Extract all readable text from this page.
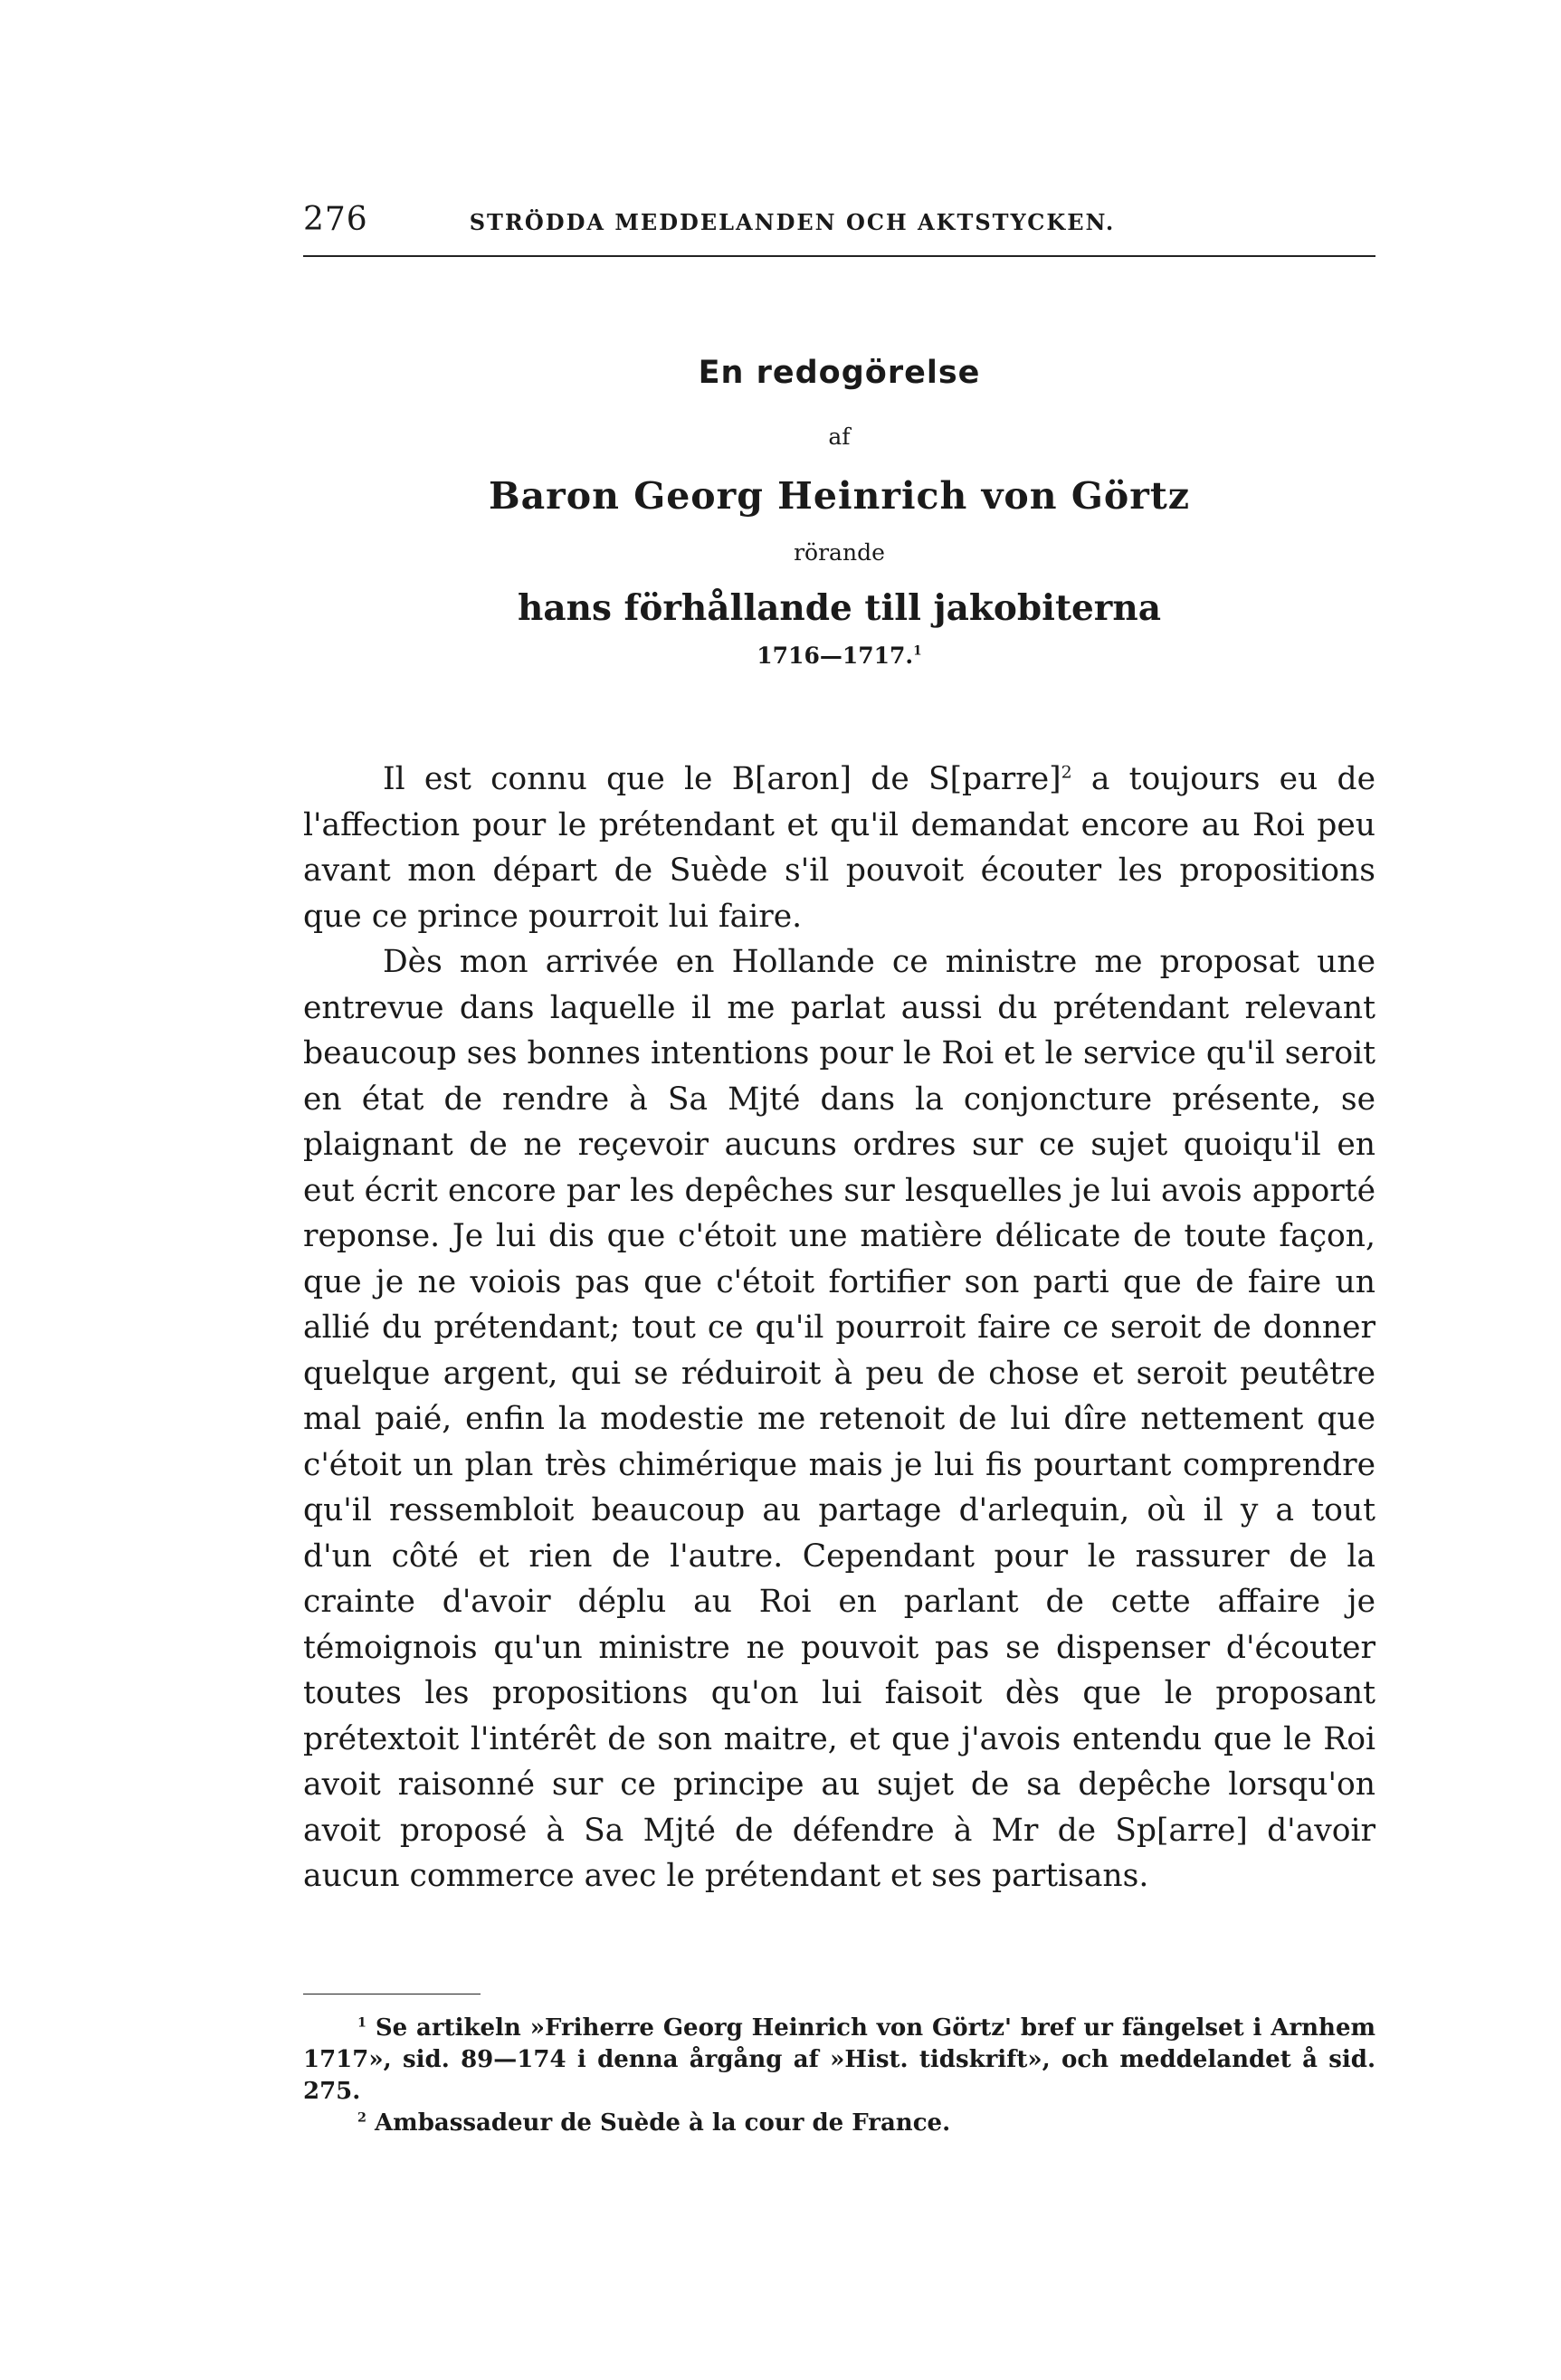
276	STRÖDDA MEDDELANDEN OCH AKTSTYCKEN.

En redogörelse

af

Baron Georg Heinrich von Görtz

rörande

hans förhållande till jakobiterna

1716—1717.$^1$

Il est connu que le B[aron] de S[parre]$^2$ a toujours eu de l'affection pour le prétendant et qu'il demandat encore au Roi peu avant mon départ de Suède s'il pouvoit écouter les propositions que ce prince pourroit lui faire.

Dès mon arrivée en Hollande ce ministre me proposat une entrevue dans laquelle il me parlat aussi du prétendant relevant beaucoup ses bonnes intentions pour le Roi et le service qu'il seroit en état de rendre à Sa Mjté dans la conjoncture présente, se plaignant de ne reçevoir aucuns ordres sur ce sujet quoiqu'il en eut écrit encore par les depêches sur lesquelles je lui avois apporté reponse. Je lui dis que c'étoit une matière délicate de toute façon, que je ne voiois pas que c'étoit fortifier son parti que de faire un allié du prétendant; tout ce qu'il pourroit faire ce seroit de donner quelque argent, qui se réduiroit à peu de chose et seroit peutêtre mal paié, enfin la modestie me retenoit de lui dîre nettement que c'étoit un plan très chimérique mais je lui fis pourtant comprendre qu'il ressembloit beaucoup au partage d'arlequin, où il y a tout d'un côté et rien de l'autre. Cependant pour le rassurer de la crainte d'avoir déplu au Roi en parlant de cette affaire je témoignois qu'un ministre ne pouvoit pas se dispenser d'écouter toutes les propositions qu'on lui faisoit dès que le proposant prétextoit l'intérêt de son maitre, et que j'avois entendu que le Roi avoit raisonné sur ce principe au sujet de sa depêche lorsqu'on avoit proposé à Sa Mjté de défendre à Mr de Sp[arre] d'avoir aucun commerce avec le prétendant et ses partisans.

$^1$ Se artikeln »Friherre Georg Heinrich von Görtz' bref ur fängelset i Arnhem 1717», sid. 89—174 i denna årgång af »Hist. tidskrift», och meddelandet å sid. 275.

$^2$ Ambassadeur de Suède à la cour de France.
